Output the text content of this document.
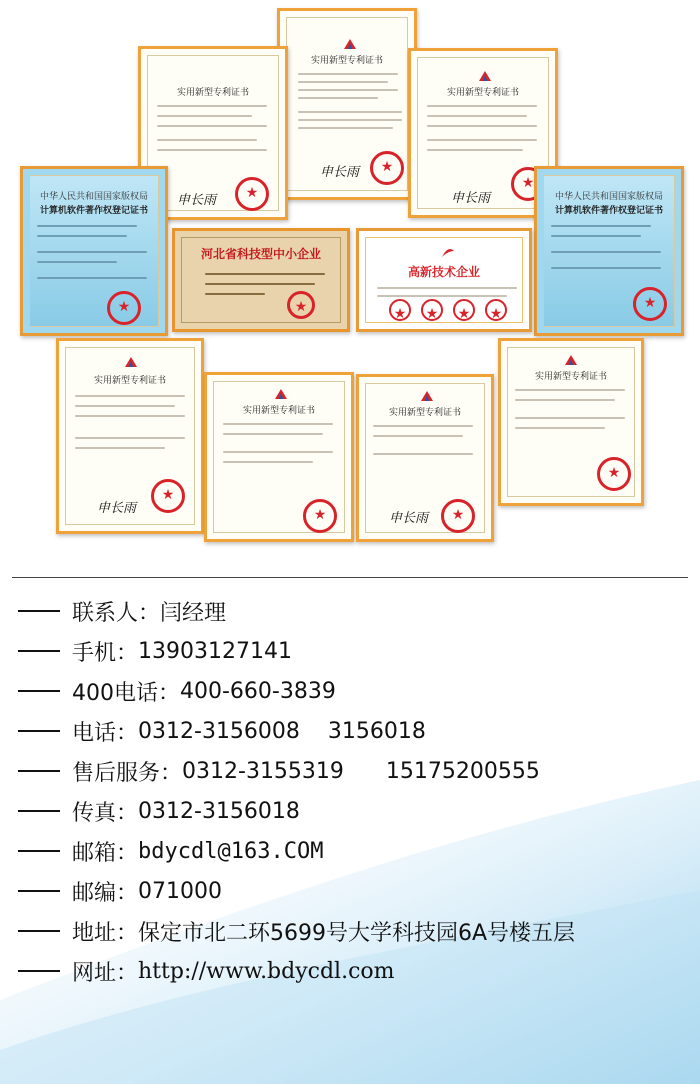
实用新型专利证书
★
申长雨
实用新型专利证书
★
申长雨
实用新型专利证书
★
申长雨
中华人民共和国国家版权局
计算机软件著作权登记证书
★
中华人民共和国国家版权局
计算机软件著作权登记证书
★
河北省科技型中小企业
★
高新技术企业
★
★
★
★
实用新型专利证书
★
申长雨
实用新型专利证书
★	实用新型专利证书
★
申长雨
实用新型专利证书
★
联系人： 闫经理
手机： 13903127141
400电话： 400-660-3839
电话： 0312-3156008    3156018
售后服务： 0312-3155319      15175200555
传真： 0312-3156018
邮箱： bdycdl@163.COM
邮编： 071000
地址： 保定市北二环5699号大学科技园6A号楼五层
网址： http://www.bdycdl.com
